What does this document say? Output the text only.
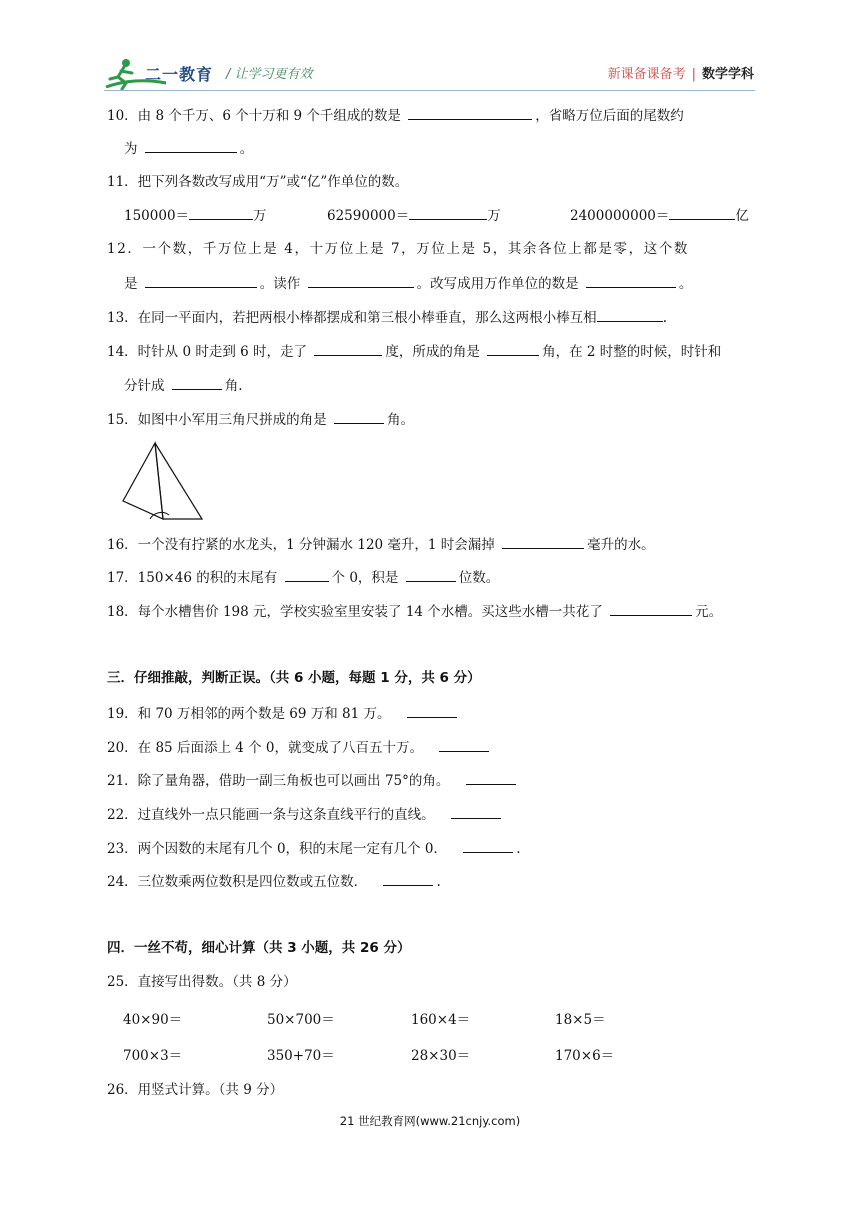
二一教育 / 让学习更有效	新课备课备考 | 数学学科
10．由 8 个千万、6 个十万和 9 个千组成的数是	，省略万位后面的尾数约
为	。
11．把下列各数改写成用“万”或“亿”作单位的数。
150000＝	万	62590000＝	万	2400000000＝	亿
12．一个数，千万位上是 4，十万位上是 7，万位上是 5，其余各位上都是零，这个数
是	。读作	。改写成用万作单位的数是	。
13．在同一平面内，若把两根小棒都摆成和第三根小棒垂直，那么这两根小棒互相	.
14．时针从 0 时走到 6 时，走了	度，所成的角是	角，在 2 时整的时候，时针和
分针成	角.
15．如图中小军用三角尺拼成的角是	角。
16．一个没有拧紧的水龙头，1 分钟漏水 120 毫升，1 时会漏掉	毫升的水。
17．150×46 的积的末尾有	个 0，积是	位数。
18．每个水槽售价 198 元，学校实验室里安装了 14 个水槽。买这些水槽一共花了	元。
三．仔细推敲，判断正误。（共 6 小题，每题 1 分，共 6 分）
19．和 70 万相邻的两个数是 69 万和 81 万。
20．在 85 后面添上 4 个 0，就变成了八百五十万。
21．除了量角器，借助一副三角板也可以画出 75°的角。
22．过直线外一点只能画一条与这条直线平行的直线。
23．两个因数的末尾有几个 0，积的末尾一定有几个 0．	.
24．三位数乘两位数积是四位数或五位数．	.
四．一丝不苟，细心计算（共 3 小题，共 26 分）
25．直接写出得数。（共 8 分）
40×90＝	50×700＝	160×4＝	18×5＝
700×3＝	350+70＝	28×30＝	170×6＝
26．用竖式计算。（共 9 分）
21 世纪教育网(www.21cnjy.com)
